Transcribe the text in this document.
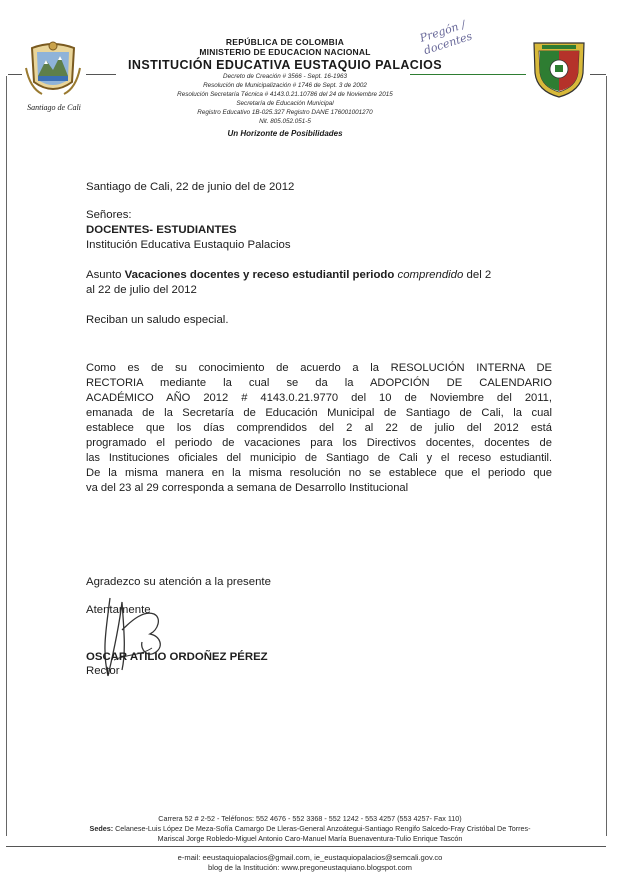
Santiago de Cali
REPÚBLICA DE COLOMBIA
MINISTERIO DE EDUCACION NACIONAL
INSTITUCIÓN EDUCATIVA EUSTAQUIO PALACIOS
Decreto de Creación # 3566 - Sept. 16-1963
Resolución de Municipalización # 1746 de Sept. 3 de 2002
Resolución Secretaría Técnica # 4143.0.21.10786 del 24 de Noviembre 2015
Secretaría de Educación Municipal
Registro Educativo 1B-025.327 Registro DANE 176001001270
Nit. 805.052.051-5
Un Horizonte de Posibilidades
Pregón / docentes
Santiago de Cali, 22 de junio del de 2012
Señores:
DOCENTES- ESTUDIANTES
Institución Educativa Eustaquio Palacios
Asunto Vacaciones docentes y receso estudiantil periodo comprendido del 2
al 22 de julio del 2012
Reciban un saludo especial.
Como es de su conocimiento de acuerdo a la RESOLUCIÓN INTERNA DE
RECTORIA mediante la cual se da la ADOPCIÓN DE CALENDARIO
ACADÉMICO AÑO 2012 # 4143.0.21.9770 del 10 de Noviembre del 2011,
emanada de la Secretaría de Educación Municipal de Santiago de Cali, la cual
establece que los días comprendidos del 2 al 22 de julio del 2012 está
programado el periodo de vacaciones para los Directivos docentes, docentes de
las Instituciones oficiales del municipio de Santiago de Cali y el receso estudiantil.
De la misma manera en la misma resolución no se establece que el periodo que
va del 23 al 29 corresponda a semana de Desarrollo Institucional
Agradezco su atención a la presente
Atentamente
OSCAR ATILIO ORDOÑEZ PÉREZ
Rector
Carrera 52 # 2-52 - Teléfonos: 552 4676 - 552 3368 - 552 1242 - 553 4257 (553 4257- Fax 110)
Sedes: Celanese-Luis López De Meza-Sofía Camargo De Lleras-General Anzoátegui-Santiago Rengifo Salcedo-Fray Cristóbal De Torres-
Mariscal Jorge Robledo-Miguel Antonio Caro-Manuel María Buenaventura-Tulio Enrique Tascón
e-mail: eeustaquiopalacios@gmail.com, ie_eustaquiopalacios@semcali.gov.co
blog de la Institución: www.pregoneustaquiano.blogspot.com
